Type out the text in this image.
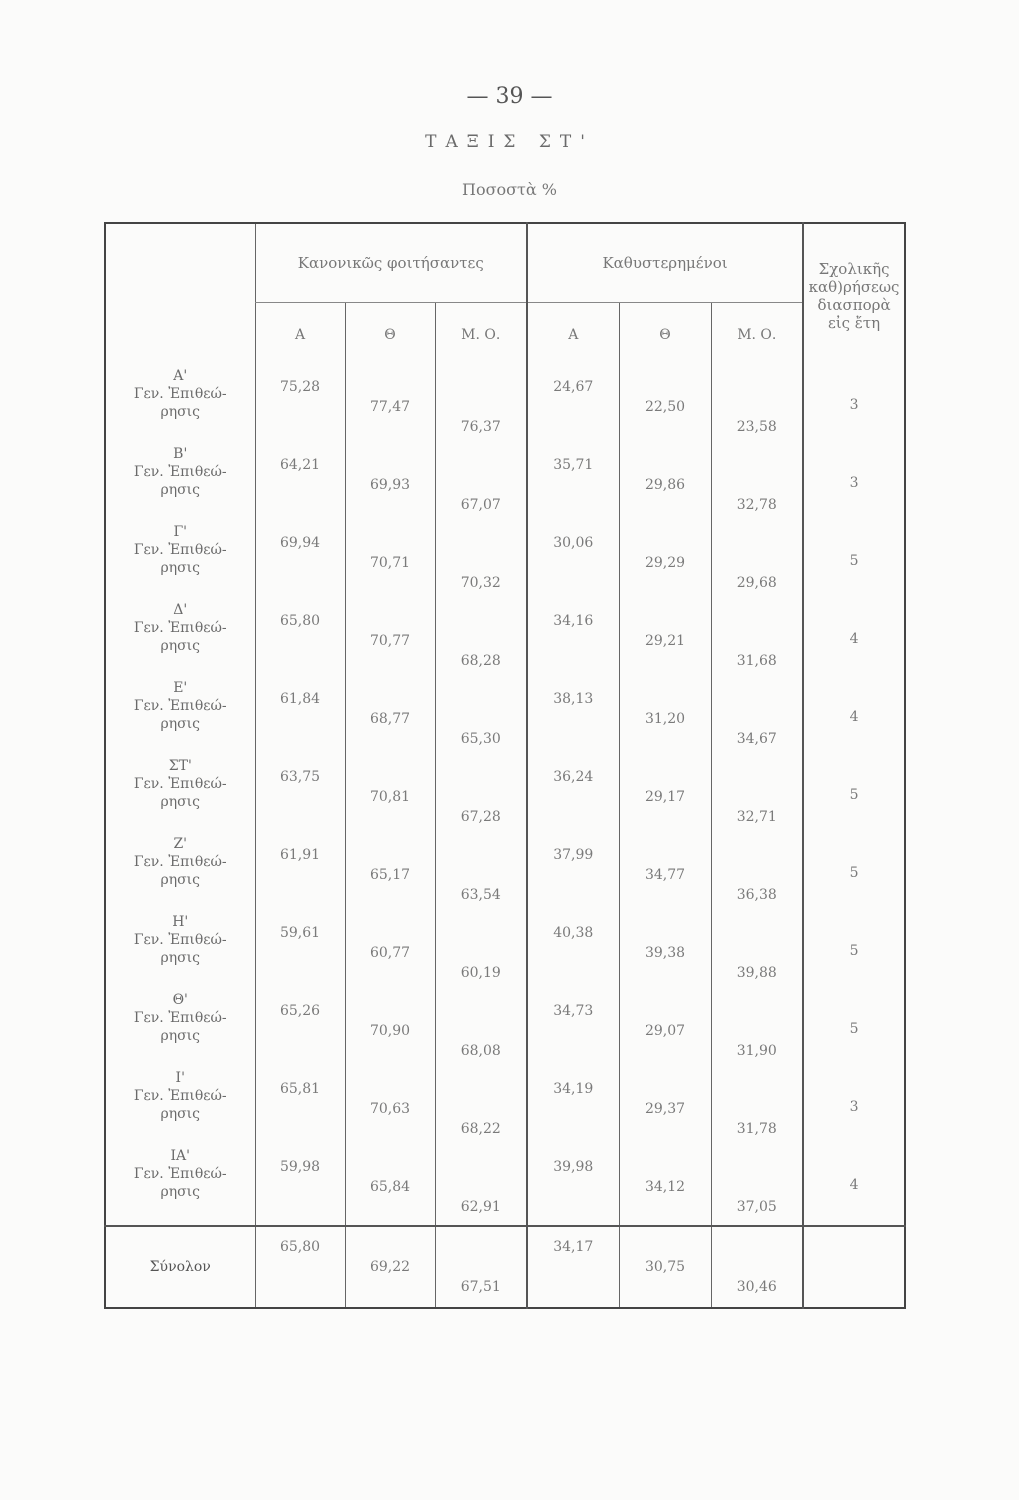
— 39 —
ΤΑΞΙΣ ΣΤ'
Ποσοστὰ %
	Κανονικῶς φοιτήσαντες			Καθυστερημένοι			Σχολικῆς
καθ)ρήσεως
διασπορὰ
εἰς ἔτη

	Α	Θ	Μ. Ο.	Α	Θ	Μ. Ο.	

Α'
Γεν. Ἐπιθεώ-
ρησις	75,28	77,47	76,37	24,67	22,50	23,58	3

Β'
Γεν. Ἐπιθεώ-
ρησις	64,21	69,93	67,07	35,71	29,86	32,78	3

Γ'
Γεν. Ἐπιθεώ-
ρησις	69,94	70,71	70,32	30,06	29,29	29,68	5

Δ'
Γεν. Ἐπιθεώ-
ρησις	65,80	70,77	68,28	34,16	29,21	31,68	4

Ε'
Γεν. Ἐπιθεώ-
ρησις	61,84	68,77	65,30	38,13	31,20	34,67	4

ΣΤ'
Γεν. Ἐπιθεώ-
ρησις	63,75	70,81	67,28	36,24	29,17	32,71	5

Ζ'
Γεν. Ἐπιθεώ-
ρησις	61,91	65,17	63,54	37,99	34,77	36,38	5

Η'
Γεν. Ἐπιθεώ-
ρησις	59,61	60,77	60,19	40,38	39,38	39,88	5

Θ'
Γεν. Ἐπιθεώ-
ρησις	65,26	70,90	68,08	34,73	29,07	31,90	5

Ι'
Γεν. Ἐπιθεώ-
ρησις	65,81	70,63	68,22	34,19	29,37	31,78	3

ΙΑ'
Γεν. Ἐπιθεώ-
ρησις	59,98	65,84	62,91	39,98	34,12	37,05	4

Σύνολον	65,80	69,22	67,51	34,17	30,75	30,46	
